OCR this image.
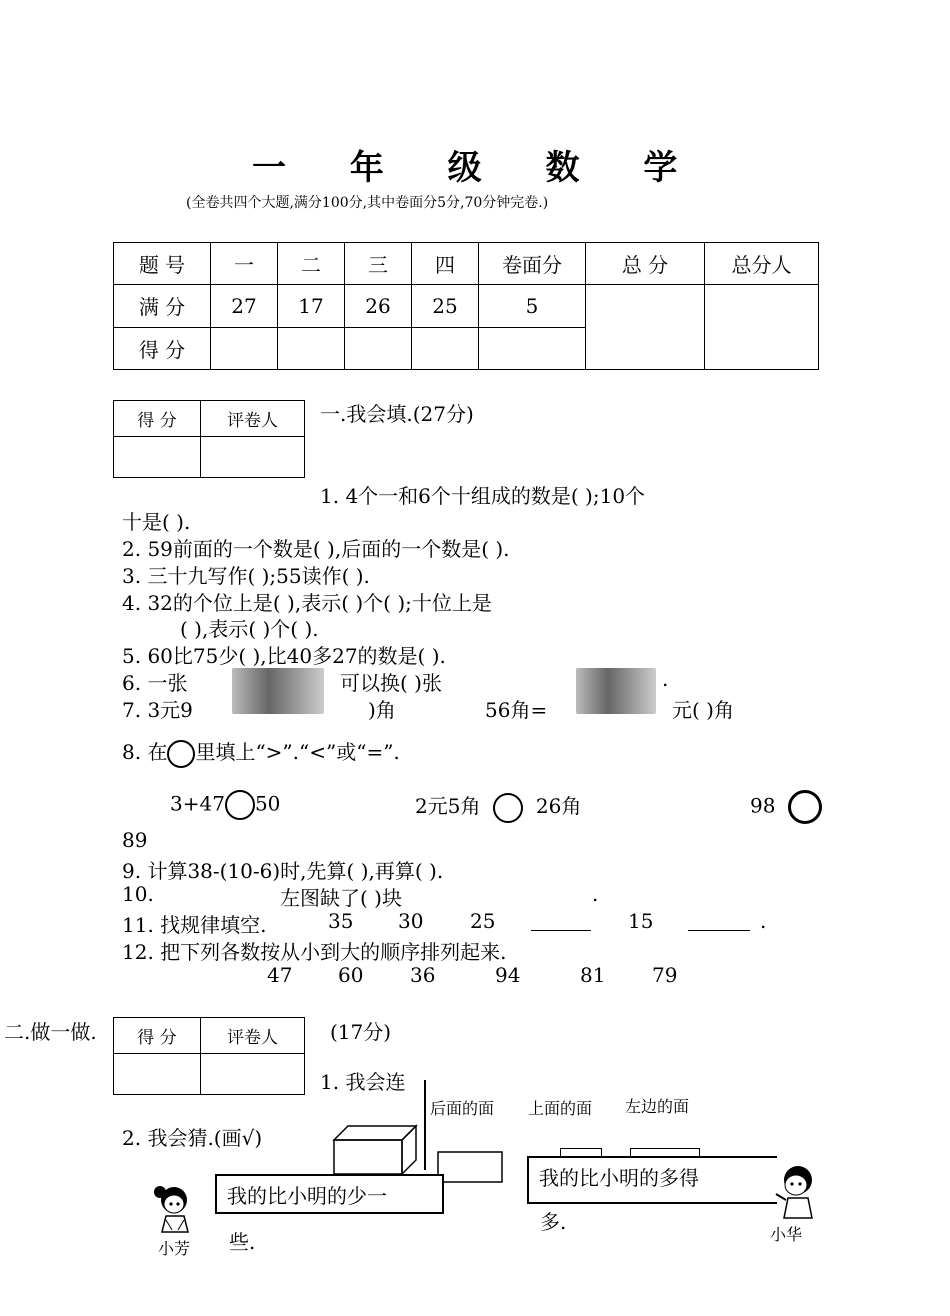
一 年 级 数 学
(全卷共四个大题,满分100分,其中卷面分5分,70分钟完卷.)
题 号	一	二	三	四	卷面分	总 分	总分人
满 分	27	17	26	25	5		
得 分							
得 分	评卷人
	一.我会填.(27分)
1. 4个一和6个十组成的数是( );10个
十是( ).
2. 59前面的一个数是( ),后面的一个数是( ).
3. 三十九写作( );55读作( ).
4. 32的个位上是( ),表示( )个( );十位上是
( ),表示( )个( ).
5. 60比75少( ),比40多27的数是( ).
6. 一张	可以换( )张	.
7. 3元9	)角	56角=	元( )角
8. 在 里填上“>”.“<”或“=”.
3+47 50	2元5角	26角	98
89
9. 计算38-(10-6)时,先算( ),再算( ).
10.	左图缺了( )块	.
11. 找规律填空.	35 30 25	15	.
12. 把下列各数按从小到大的顺序排列起来.
47 60 36	94	81 79
二.做一做. 得 分	评卷人
		(17分)
1. 我会连
后面的面 上面的面 左边的面
2. 我会猜.(画√)
小芳
我的比小明的少一
些.
我的比小明的多得
多.
小华
